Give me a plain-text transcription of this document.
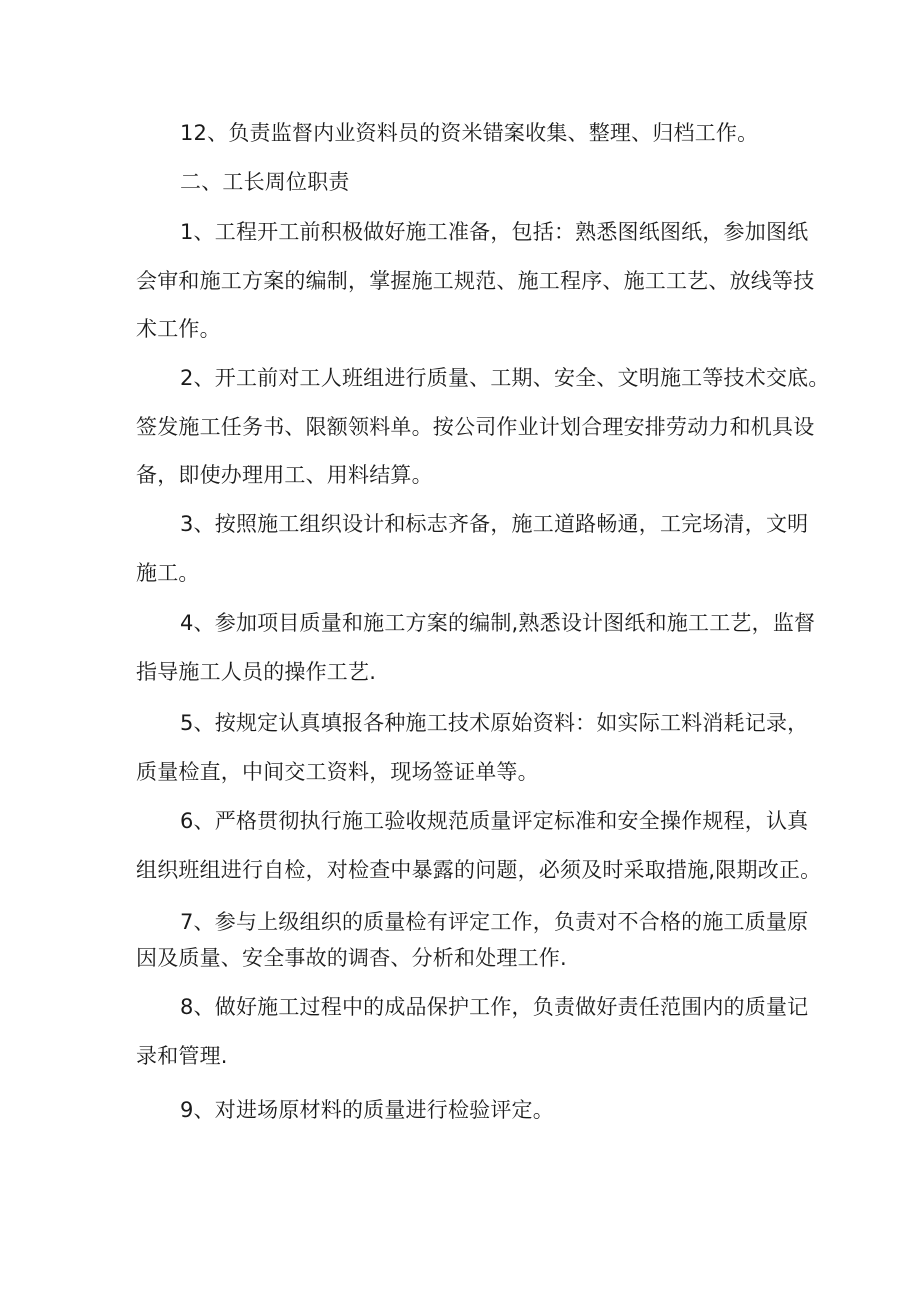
12、负责监督内业资料员的资米错案收集、整理、归档工作。

二、工长周位职责

1、工程开工前积极做好施工准备，包括：熟悉图纸图纸，参加图纸

会审和施工方案的编制，掌握施工规范、施工程序、施工工艺、放线等技

术工作。

2、开工前对工人班组进行质量、工期、安全、文明施工等技术交底。

签发施工任务书、限额领料单。按公司作业计划合理安排劳动力和机具设

备，即使办理用工、用料结算。

3、按照施工组织设计和标志齐备，施工道路畅通，工完场清，文明

施工。

4、参加项目质量和施工方案的编制,熟悉设计图纸和施工工艺，监督

指导施工人员的操作工艺.

5、按规定认真填报各种施工技术原始资料：如实际工料消耗记录，

质量检直，中间交工资料，现场签证单等。

6、严格贯彻执行施工验收规范质量评定标准和安全操作规程，认真

组织班组进行自检，对检查中暴露的问题，必须及时采取措施,限期改正。

7、参与上级组织的质量检有评定工作，负责对不合格的施工质量原

因及质量、安全事故的调杳、分析和处理工作.

8、做好施工过程中的成品保护工作，负责做好责任范围内的质量记

录和管理.

9、对进场原材料的质量进行检验评定。
